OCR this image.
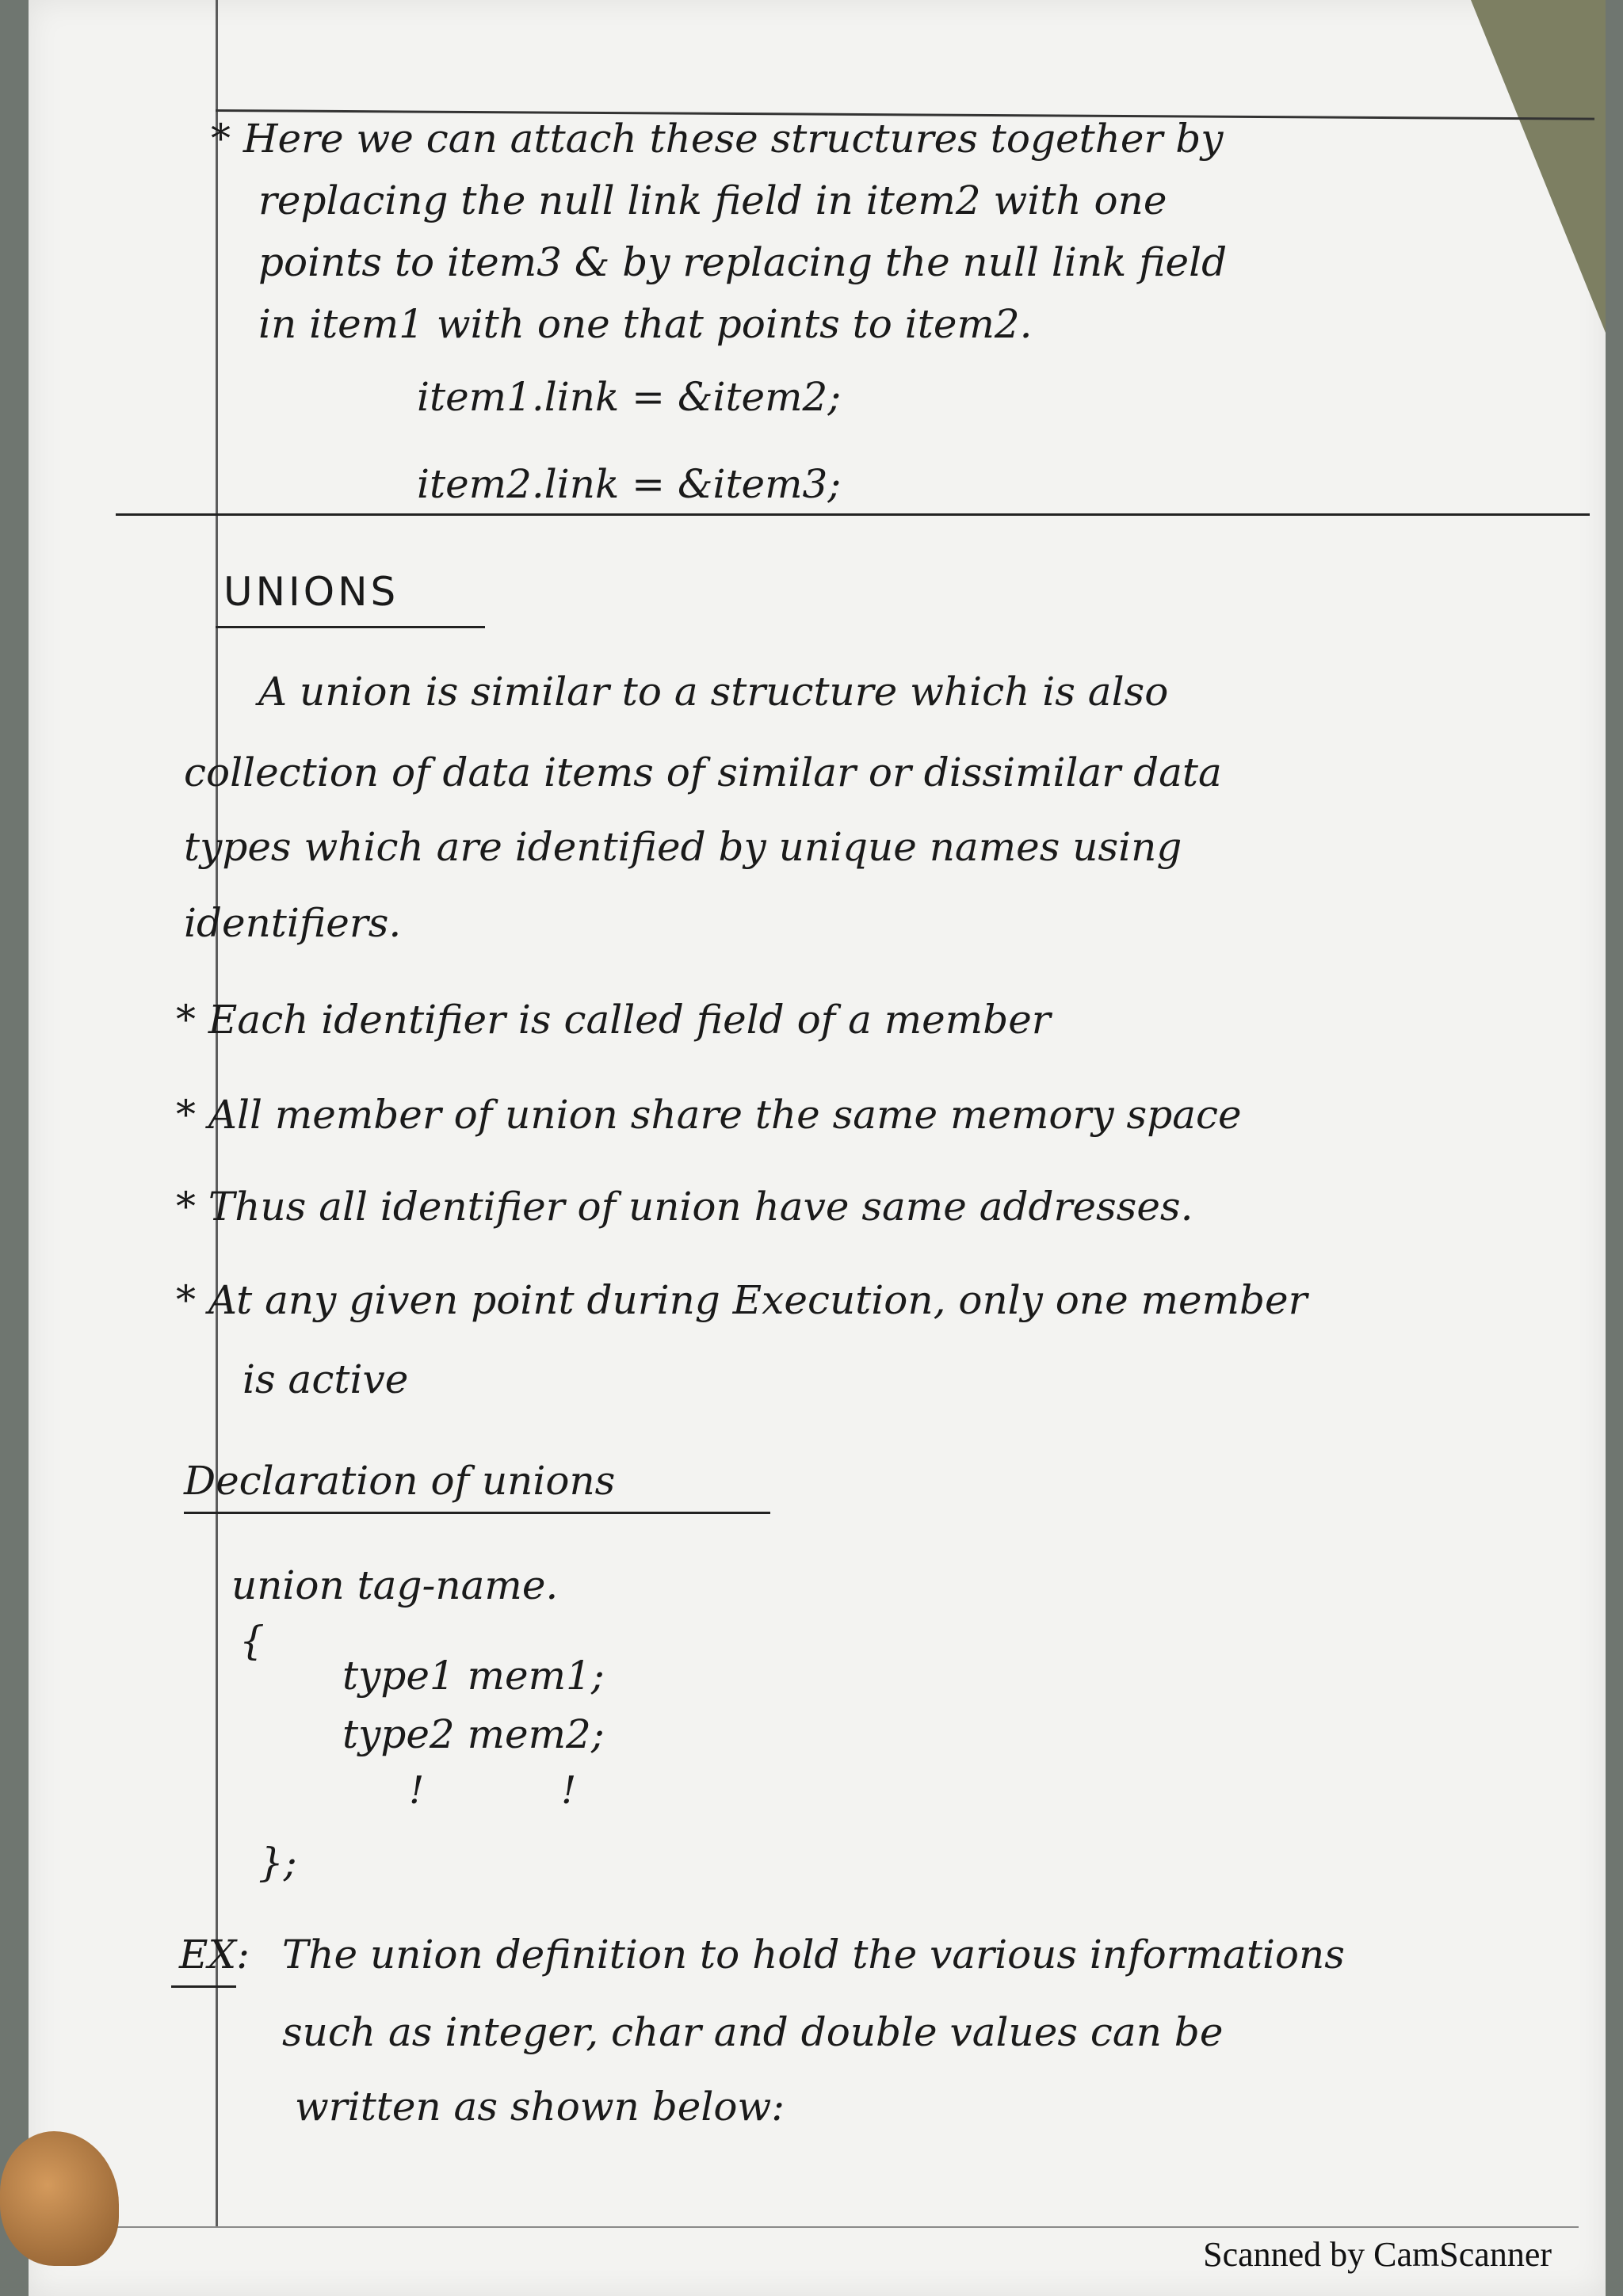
* Here we can attach these structures together by

replacing the null link field in item2 with one

points to item3 & by replacing the null link field

in item1 with one that points to item2.

item1.link = &item2;

item2.link = &item3;

UNIONS

A union is similar to a structure which is also

collection of data items of similar or dissimilar data

types which are identified by unique names using

identifiers.

* Each identifier is called field of a member

* All member of union share the same memory space

* Thus all identifier of union have same addresses.

* At any given point during Execution, only one member

is active

Declaration of unions

union tag-name.

{

type1 mem1;

type2 mem2;

!	!

};

EX: The union definition to hold the various informations

such as integer, char and double values can be

written as shown below:

Scanned by CamScanner
